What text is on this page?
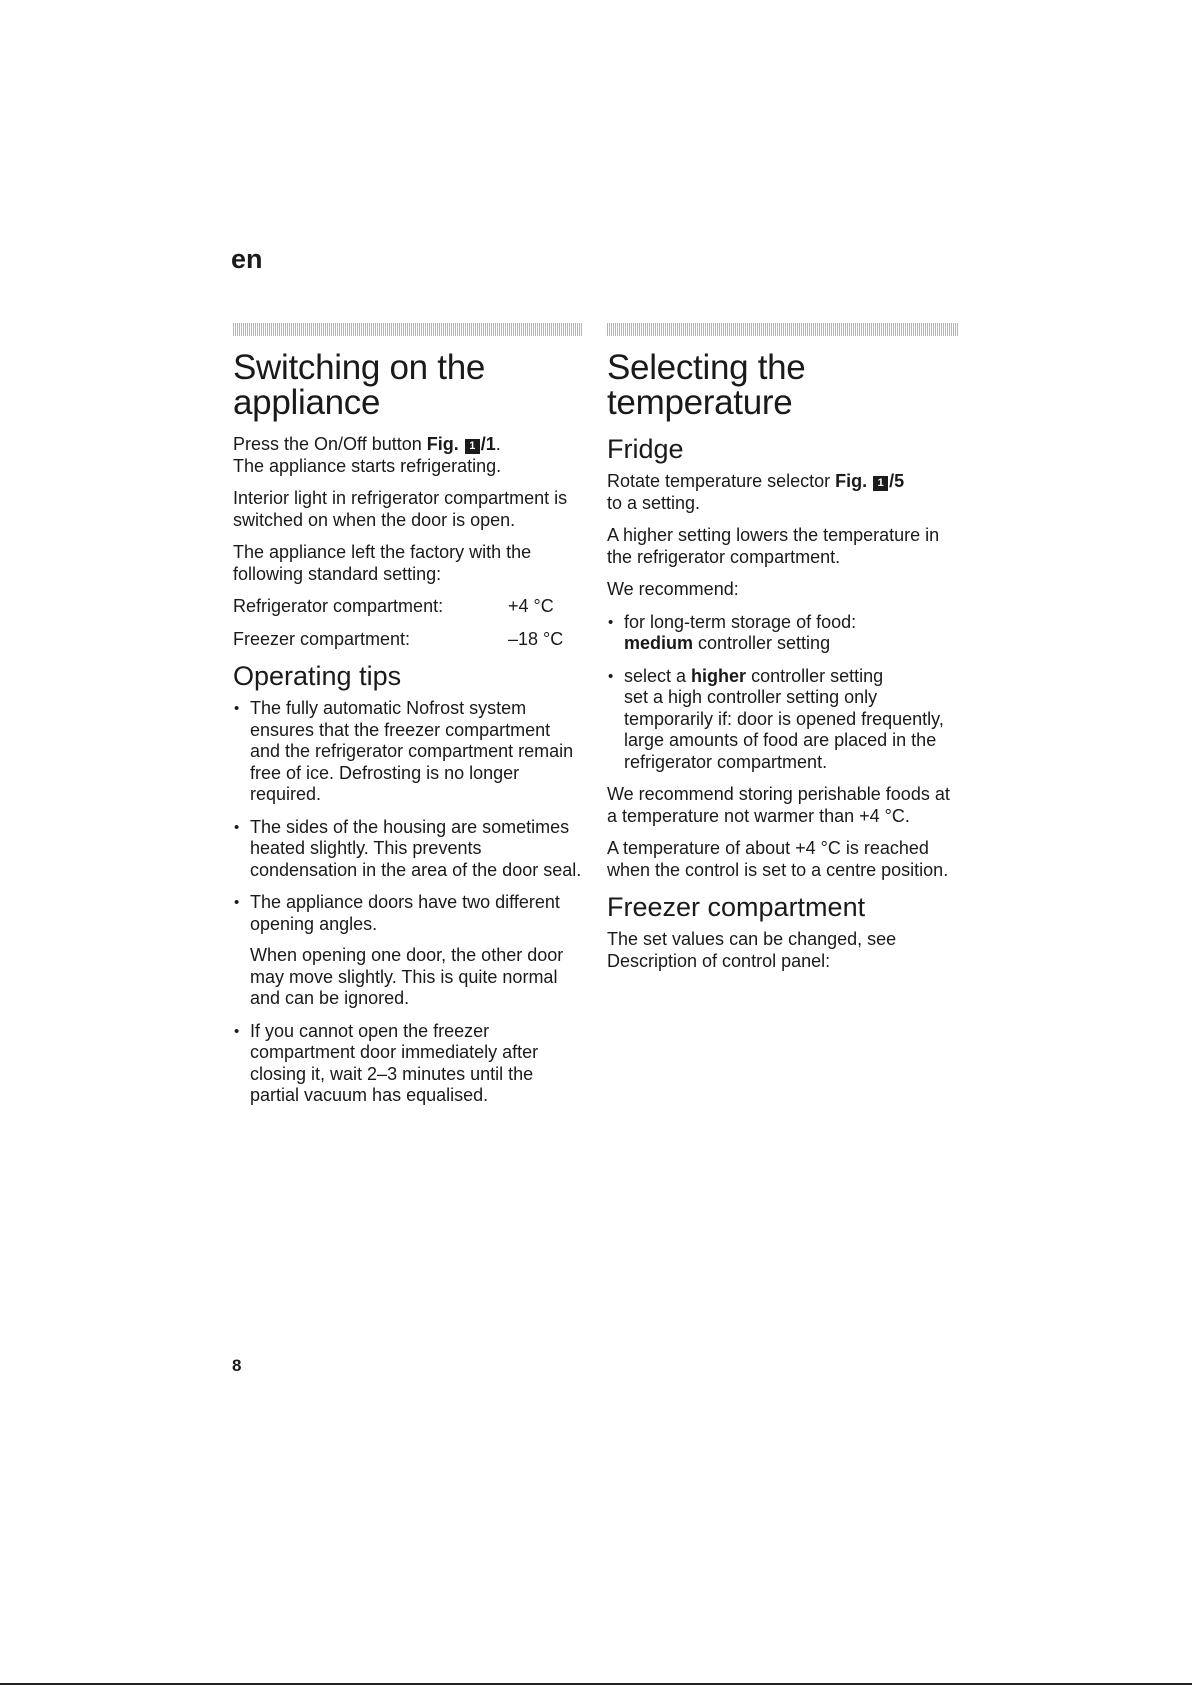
en
Switching on the appliance

Press the On/Off button Fig. 1 /1.
The appliance starts refrigerating.

Interior light in refrigerator compartment is switched on when the door is open.

The appliance left the factory with the following standard setting:

Refrigerator compartment:	+4 °C
Freezer compartment:	–18 °C
Operating tips
• The fully automatic Nofrost system ensures that the freezer compartment and the refrigerator compartment remain free of ice. Defrosting is no longer required.
• The sides of the housing are sometimes heated slightly. This prevents condensation in the area of the door seal.
• The appliance doors have two different opening angles.

When opening one door, the other door may move slightly. This is quite normal and can be ignored.

• If you cannot open the freezer compartment door immediately after closing it, wait 2–3 minutes until the partial vacuum has equalised.
Selecting the temperature
Fridge

Rotate temperature selector Fig. 1 /5
to a setting.

A higher setting lowers the temperature in the refrigerator compartment.

We recommend:

• for long-term storage of food:
medium controller setting
• select a higher controller setting
set a high controller setting only temporarily if: door is opened frequently, large amounts of food are placed in the refrigerator compartment.

We recommend storing perishable foods at a temperature not warmer than +4 °C.

A temperature of about +4 °C is reached when the control is set to a centre position.

Freezer compartment

The set values can be changed, see Description of control panel:

8
